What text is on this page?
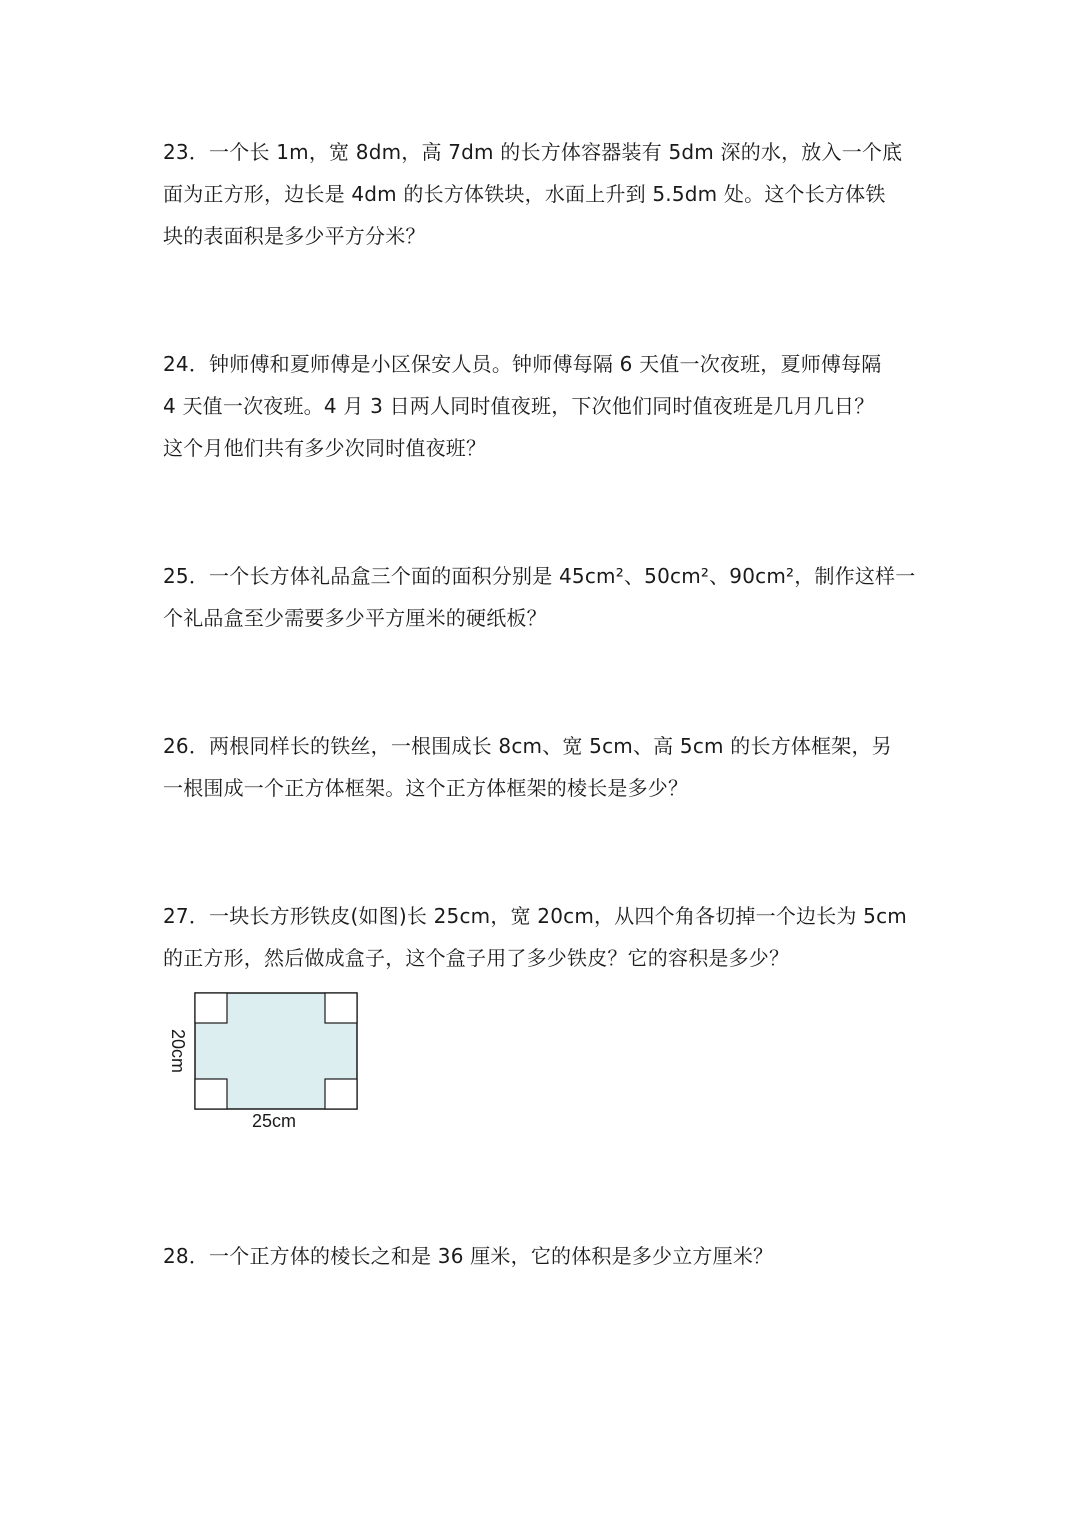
23．一个长 1m，宽 8dm，高 7dm 的长方体容器装有 5dm 深的水，放入一个底
面为正方形，边长是 4dm 的长方体铁块，水面上升到 5.5dm 处。这个长方体铁
块的表面积是多少平方分米？
24．钟师傅和夏师傅是小区保安人员。钟师傅每隔 6 天值一次夜班，夏师傅每隔
4 天值一次夜班。4 月 3 日两人同时值夜班，下次他们同时值夜班是几月几日？
这个月他们共有多少次同时值夜班？
25．一个长方体礼品盒三个面的面积分别是 45cm²、50cm²、90cm²，制作这样一
个礼品盒至少需要多少平方厘米的硬纸板？
26．两根同样长的铁丝，一根围成长 8cm、宽 5cm、高 5cm 的长方体框架，另
一根围成一个正方体框架。这个正方体框架的棱长是多少？
27．一块长方形铁皮(如图)长 25cm，宽 20cm，从四个角各切掉一个边长为 5cm
的正方形，然后做成盒子，这个盒子用了多少铁皮？它的容积是多少？
25cm
20cm
28．一个正方体的棱长之和是 36 厘米，它的体积是多少立方厘米？
